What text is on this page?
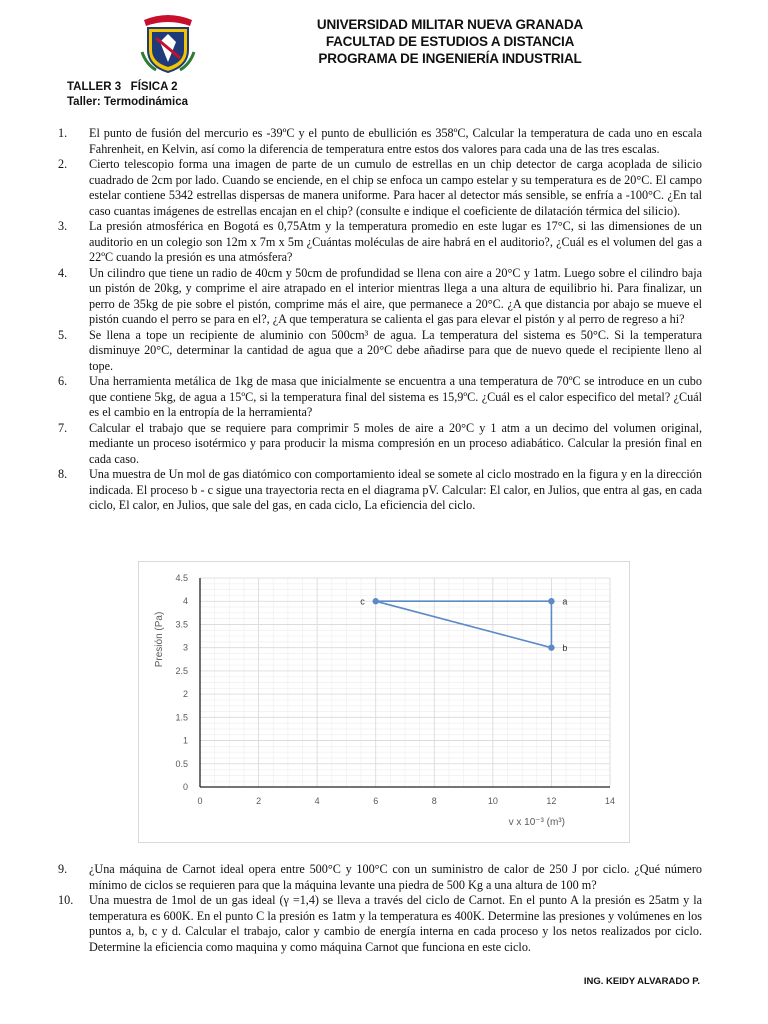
UNIVERSIDAD MILITAR NUEVA GRANADA
FACULTAD DE ESTUDIOS A DISTANCIA
PROGRAMA DE INGENIERÍA INDUSTRIAL
TALLER 3   FÍSICA 2
Taller: Termodinámica
1. El punto de fusión del mercurio es -39ºC y el punto de ebullición es 358ºC, Calcular la temperatura de cada uno en escala Fahrenheit, en Kelvin, así como la diferencia de temperatura entre estos dos valores para cada una de las tres escalas.
2. Cierto telescopio forma una imagen de parte de un cumulo de estrellas en un chip detector de carga acoplada de silicio cuadrado de 2cm por lado. Cuando se enciende, en el chip se enfoca un campo estelar y su temperatura es de 20°C. El campo estelar contiene 5342 estrellas dispersas de manera uniforme. Para hacer al detector más sensible, se enfría a -100°C. ¿En tal caso cuantas imágenes de estrellas encajan en el chip? (consulte e indique el coeficiente de dilatación térmica del silicio).
3. La presión atmosférica en Bogotá es 0,75Atm y la temperatura promedio en este lugar es 17°C, si las dimensiones de un auditorio en un colegio son 12m x 7m x 5m ¿Cuántas moléculas de aire habrá en el auditorio?, ¿Cuál es el volumen del gas a 22ºC cuando la presión es una atmósfera?
4. Un cilindro que tiene un radio de 40cm y 50cm de profundidad se llena con aire a 20°C y 1atm. Luego sobre el cilindro baja un pistón de 20kg, y comprime el aire atrapado en el interior mientras llega a una altura de equilibrio hi. Para finalizar, un perro de 35kg de pie sobre el pistón, comprime más el aire, que permanece a 20°C. ¿A que distancia por abajo se mueve el pistón cuando el perro se para en el?, ¿A que temperatura se calienta el gas para elevar el pistón y al perro de regreso a hi?
5. Se llena a tope un recipiente de aluminio con 500cm³ de agua. La temperatura del sistema es 50°C. Si la temperatura disminuye 20°C, determinar la cantidad de agua que a 20°C debe añadirse para que de nuevo quede el recipiente lleno al tope.
6. Una herramienta metálica de 1kg de masa que inicialmente se encuentra a una temperatura de 70ºC se introduce en un cubo que contiene 5kg, de agua a 15ºC, si la temperatura final del sistema es 15,9ºC. ¿Cuál es el calor especifico del metal? ¿Cuál es el cambio en la entropía de la herramienta?
7. Calcular el trabajo que se requiere para comprimir 5 moles de aire a 20°C y 1 atm a un decimo del volumen original, mediante un proceso isotérmico y para producir la misma compresión en un proceso adiabático. Calcular la presión final en cada caso.
8. Una muestra de Un mol de gas diatómico con comportamiento ideal se somete al ciclo mostrado en la figura y en la dirección indicada. El proceso b - c sigue una trayectoria recta en el diagrama pV. Calcular: El calor, en Julios, que entra al gas, en cada ciclo, El calor, en Julios, que sale del gas, en cada ciclo, La eficiencia del ciclo.
0	2	4	6	8	10	12	14
0
0.5
1
1.5
2
2.5
3
3.5
4
4.5
c	a
b
Presión (Pa)
v x 10⁻³ (m³)
9. ¿Una máquina de Carnot ideal opera entre 500°C y 100°C con un suministro de calor de 250 J por ciclo. ¿Qué número mínimo de ciclos se requieren para que la máquina levante una piedra de 500 Kg a una altura de 100 m?
10. Una muestra de 1mol de un gas ideal (γ =1,4) se lleva a través del ciclo de Carnot. En el punto A la presión es 25atm y la temperatura es 600K. En el punto C la presión es 1atm y la temperatura es 400K. Determine las presiones y volúmenes en los puntos a, b, c y d. Calcular el trabajo, calor y cambio de energía interna en cada proceso y los netos realizados por ciclo. Determine la eficiencia como maquina y como máquina Carnot que funciona en este ciclo.
ING. KEIDY ALVARADO P.
